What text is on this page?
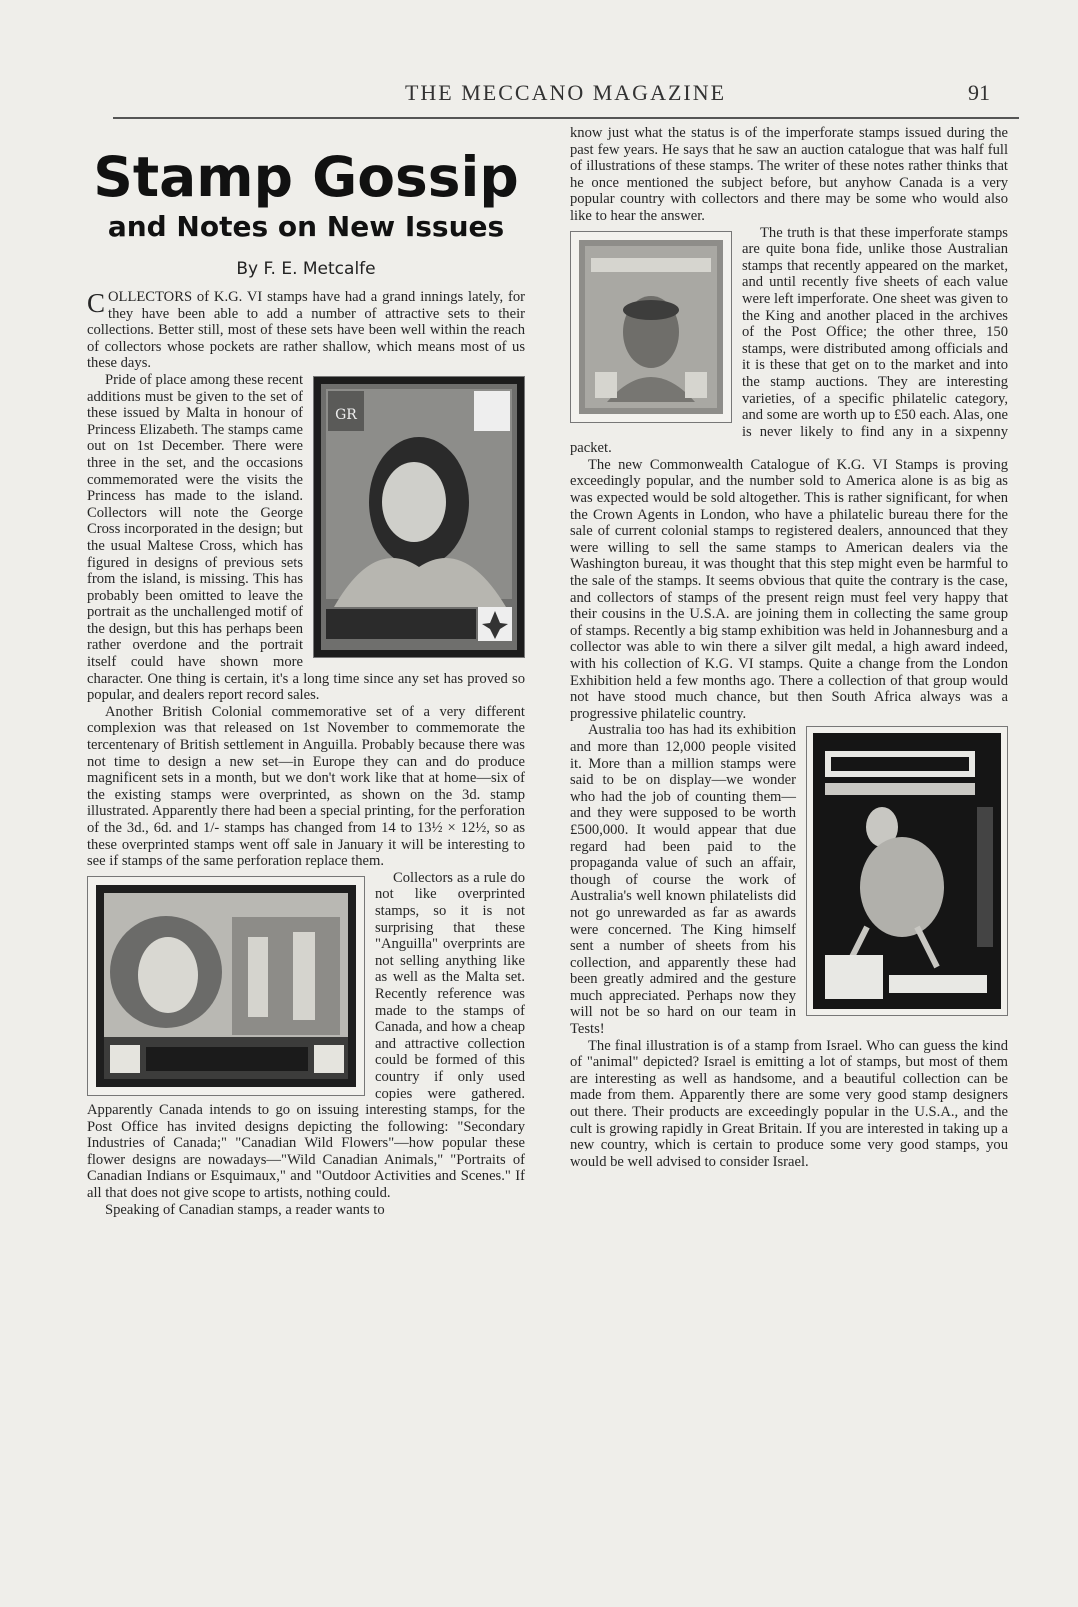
THE MECCANO MAGAZINE	91
Stamp Gossip
and Notes on New Issues
By F. E. Metcalfe

COLLECTORS of K.G. VI stamps have had a grand innings lately, for they have been able to add a number of attractive sets to their collections. Better still, most of these sets have been well within the reach of collectors whose pockets are rather shallow, which means most of us these days.

GR

Pride of place among these recent additions must be given to the set of these issued by Malta in honour of Princess Elizabeth. The stamps came out on 1st December. There were three in the set, and the occasions commemorated were the visits the Princess has made to the island. Collectors will note the George Cross incorporated in the design; but the usual Maltese Cross, which has figured in designs of previous sets from the island, is missing. This has probably been omitted to leave the portrait as the unchallenged motif of the design, but this has perhaps been rather overdone and the portrait itself could have shown more character. One thing is certain, it's a long time since any set has proved so popular, and dealers report record sales.

Another British Colonial commemorative set of a very different complexion was that released on 1st November to commemorate the tercentenary of British settlement in Anguilla. Probably because there was not time to design a new set—in Europe they can and do produce magnificent sets in a month, but we don't work like that at home—six of the existing stamps were overprinted, as shown on the 3d. stamp illustrated. Apparently there had been a special printing, for the perforation of the 3d., 6d. and 1/- stamps has changed from 14 to 13½ × 12½, so as these overprinted stamps went off sale in January it will be interesting to see if stamps of the same perforation replace them.

Collectors as a rule do not like overprinted stamps, so it is not surprising that these "Anguilla" overprints are not selling anything like as well as the Malta set. Recently reference was made to the stamps of Canada, and how a cheap and attractive collection could be formed of this country if only used copies were gathered. Apparently Canada intends to go on issuing interesting stamps, for the Post Office has invited designs depicting the following: "Secondary Industries of Canada;" "Canadian Wild Flowers"—how popular these flower designs are nowadays—"Wild Canadian Animals," "Portraits of Canadian Indians or Esquimaux," and "Outdoor Activities and Scenes." If all that does not give scope to artists, nothing could.

Speaking of Canadian stamps, a reader wants to

know just what the status is of the imperforate stamps issued during the past few years. He says that he saw an auction catalogue that was half full of illustrations of these stamps. The writer of these notes rather thinks that he once mentioned the subject before, but anyhow Canada is a very popular country with collectors and there may be some who would also like to hear the answer.

The truth is that these imperforate stamps are quite bona fide, unlike those Australian stamps that recently appeared on the market, and until recently five sheets of each value were left imperforate. One sheet was given to the King and another placed in the archives of the Post Office; the other three, 150 stamps, were distributed among officials and it is these that get on to the market and into the stamp auctions. They are interesting varieties, of a specific philatelic category, and some are worth up to £50 each. Alas, one is never likely to find any in a sixpenny packet.

The new Commonwealth Catalogue of K.G. VI Stamps is proving exceedingly popular, and the number sold to America alone is as big as was expected would be sold altogether. This is rather significant, for when the Crown Agents in London, who have a philatelic bureau there for the sale of current colonial stamps to registered dealers, announced that they were willing to sell the same stamps to American dealers via the Washington bureau, it was thought that this step might even be harmful to the sale of the stamps. It seems obvious that quite the contrary is the case, and collectors of stamps of the present reign must feel very happy that their cousins in the U.S.A. are joining them in collecting the same group of stamps. Recently a big stamp exhibition was held in Johannesburg and a collector was able to win there a silver gilt medal, a high award indeed, with his collection of K.G. VI stamps. Quite a change from the London Exhibition held a few months ago. There a collection of that group would not have stood much chance, but then South Africa always was a progressive philatelic country.

Australia too has had its exhibition and more than 12,000 people visited it. More than a million stamps were said to be on display—we wonder who had the job of counting them—and they were supposed to be worth £500,000. It would appear that due regard had been paid to the propaganda value of such an affair, though of course the work of Australia's well known philatelists did not go unrewarded as far as awards were concerned. The King himself sent a number of sheets from his collection, and apparently these had been greatly admired and the gesture much appreciated. Perhaps now they will not be so hard on our team in Tests!

The final illustration is of a stamp from Israel. Who can guess the kind of "animal" depicted? Israel is emitting a lot of stamps, but most of them are interesting as well as handsome, and a beautiful collection can be made from them. Apparently there are some very good stamp designers out there. Their products are exceedingly popular in the U.S.A., and the cult is growing rapidly in Great Britain. If you are interested in taking up a new country, which is certain to produce some very good stamps, you would be well advised to consider Israel.
